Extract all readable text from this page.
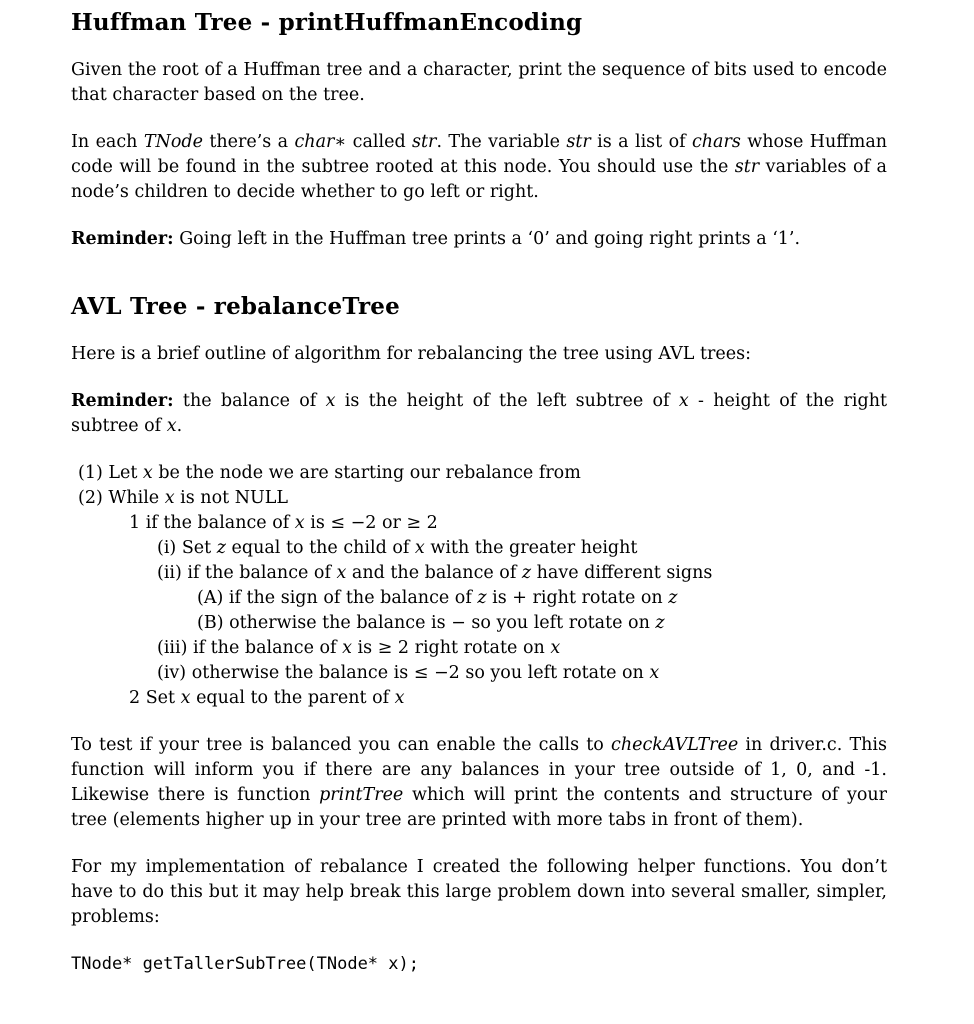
Huffman Tree - printHuffmanEncoding

Given the root of a Huffman tree and a character, print the sequence of bits used to encode that character based on the tree.

In each TNode there’s a char∗ called str. The variable str is a list of chars whose Huffman code will be found in the subtree rooted at this node. You should use the str variables of a node’s children to decide whether to go left or right.

Reminder: Going left in the Huffman tree prints a ‘0’ and going right prints a ‘1’.

AVL Tree - rebalanceTree

Here is a brief outline of algorithm for rebalancing the tree using AVL trees:

Reminder: the balance of x is the height of the left subtree of x - height of the right subtree of x.

(1) Let 𝑥 be the node we are starting our rebalance from
(2) While 𝑥 is not NULL
1 if the balance of 𝑥 is ≤ −2 or ≥ 2
(i) Set 𝑧 equal to the child of 𝑥 with the greater height
(ii) if the balance of 𝑥 and the balance of 𝑧 have different signs
(A) if the sign of the balance of 𝑧 is + right rotate on 𝑧
(B) otherwise the balance is − so you left rotate on 𝑧
(iii) if the balance of 𝑥 is ≥ 2 right rotate on 𝑥
(iv) otherwise the balance is ≤ −2 so you left rotate on 𝑥
2 Set 𝑥 equal to the parent of 𝑥

To test if your tree is balanced you can enable the calls to checkAVLTree in driver.c. This function will inform you if there are any balances in your tree outside of 1, 0, and -1. Likewise there is function printTree which will print the contents and structure of your tree (elements higher up in your tree are printed with more tabs in front of them).

For my implementation of rebalance I created the following helper functions. You don’t have to do this but it may help break this large problem down into several smaller, simpler, problems:

TNode* getTallerSubTree(TNode* x);
